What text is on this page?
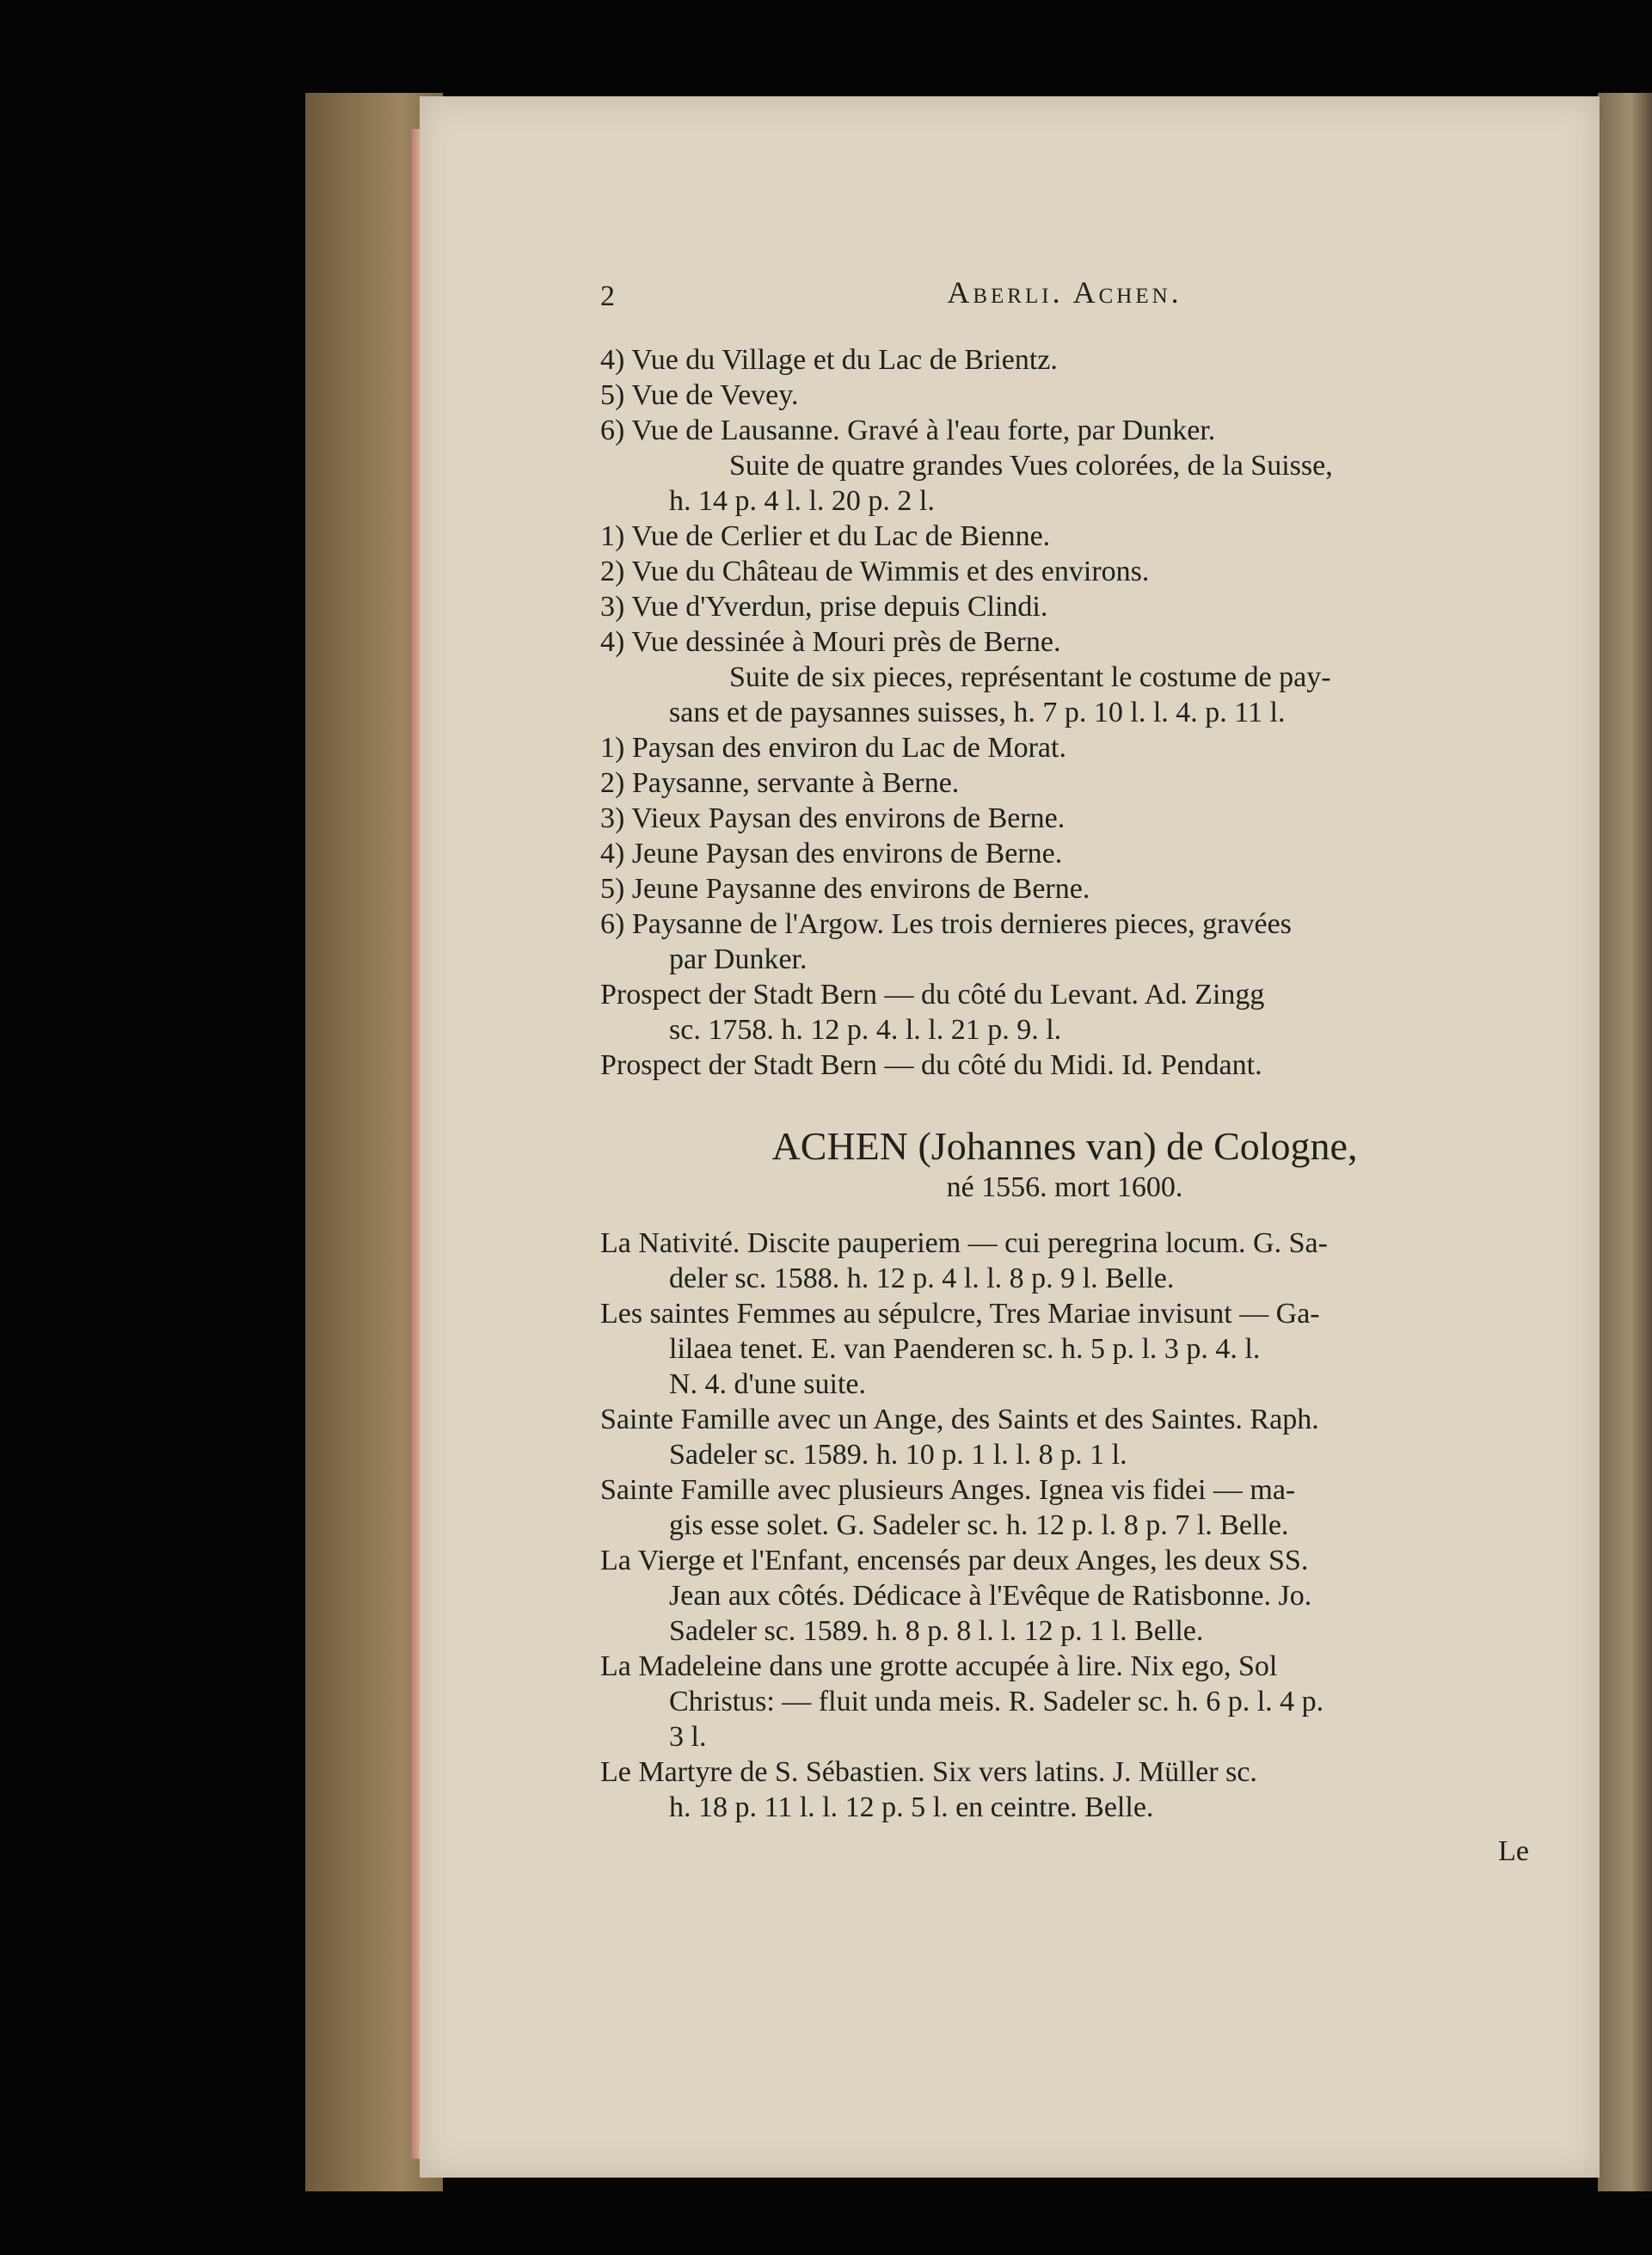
2	Aberli. Achen.
4) Vue du Village et du Lac de Brientz.
5) Vue de Vevey.
6) Vue de Lausanne. Gravé à l'eau forte, par Dunker.
Suite de quatre grandes Vues colorées, de la Suisse,
h. 14 p. 4 l. l. 20 p. 2 l.
1) Vue de Cerlier et du Lac de Bienne.
2) Vue du Château de Wimmis et des environs.
3) Vue d'Yverdun, prise depuis Clindi.
4) Vue dessinée à Mouri près de Berne.
Suite de six pieces, représentant le costume de pay-
sans et de paysannes suisses, h. 7 p. 10 l. l. 4. p. 11 l.
1) Paysan des environ du Lac de Morat.
2) Paysanne, servante à Berne.
3) Vieux Paysan des environs de Berne.
4) Jeune Paysan des environs de Berne.
5) Jeune Paysanne des environs de Berne.
6) Paysanne de l'Argow. Les trois dernieres pieces, gravées
par Dunker.
Prospect der Stadt Bern — du côté du Levant. Ad. Zingg
sc. 1758. h. 12 p. 4. l. l. 21 p. 9. l.
Prospect der Stadt Bern — du côté du Midi. Id. Pendant.
ACHEN (Johannes van) de Cologne,
né 1556. mort 1600.
La Nativité. Discite pauperiem — cui peregrina locum. G. Sa-
deler sc. 1588. h. 12 p. 4 l. l. 8 p. 9 l. Belle.
Les saintes Femmes au sépulcre, Tres Mariae invisunt — Ga-
lilaea tenet. E. van Paenderen sc. h. 5 p. l. 3 p. 4. l.
N. 4. d'une suite.
Sainte Famille avec un Ange, des Saints et des Saintes. Raph.
Sadeler sc. 1589. h. 10 p. 1 l. l. 8 p. 1 l.
Sainte Famille avec plusieurs Anges. Ignea vis fidei — ma-
gis esse solet. G. Sadeler sc. h. 12 p. l. 8 p. 7 l. Belle.
La Vierge et l'Enfant, encensés par deux Anges, les deux SS.
Jean aux côtés. Dédicace à l'Evêque de Ratisbonne. Jo.
Sadeler sc. 1589. h. 8 p. 8 l. l. 12 p. 1 l. Belle.
La Madeleine dans une grotte accupée à lire. Nix ego, Sol
Christus: — fluit unda meis. R. Sadeler sc. h. 6 p. l. 4 p.
3 l.
Le Martyre de S. Sébastien. Six vers latins. J. Müller sc.
h. 18 p. 11 l. l. 12 p. 5 l. en ceintre. Belle.
Le
